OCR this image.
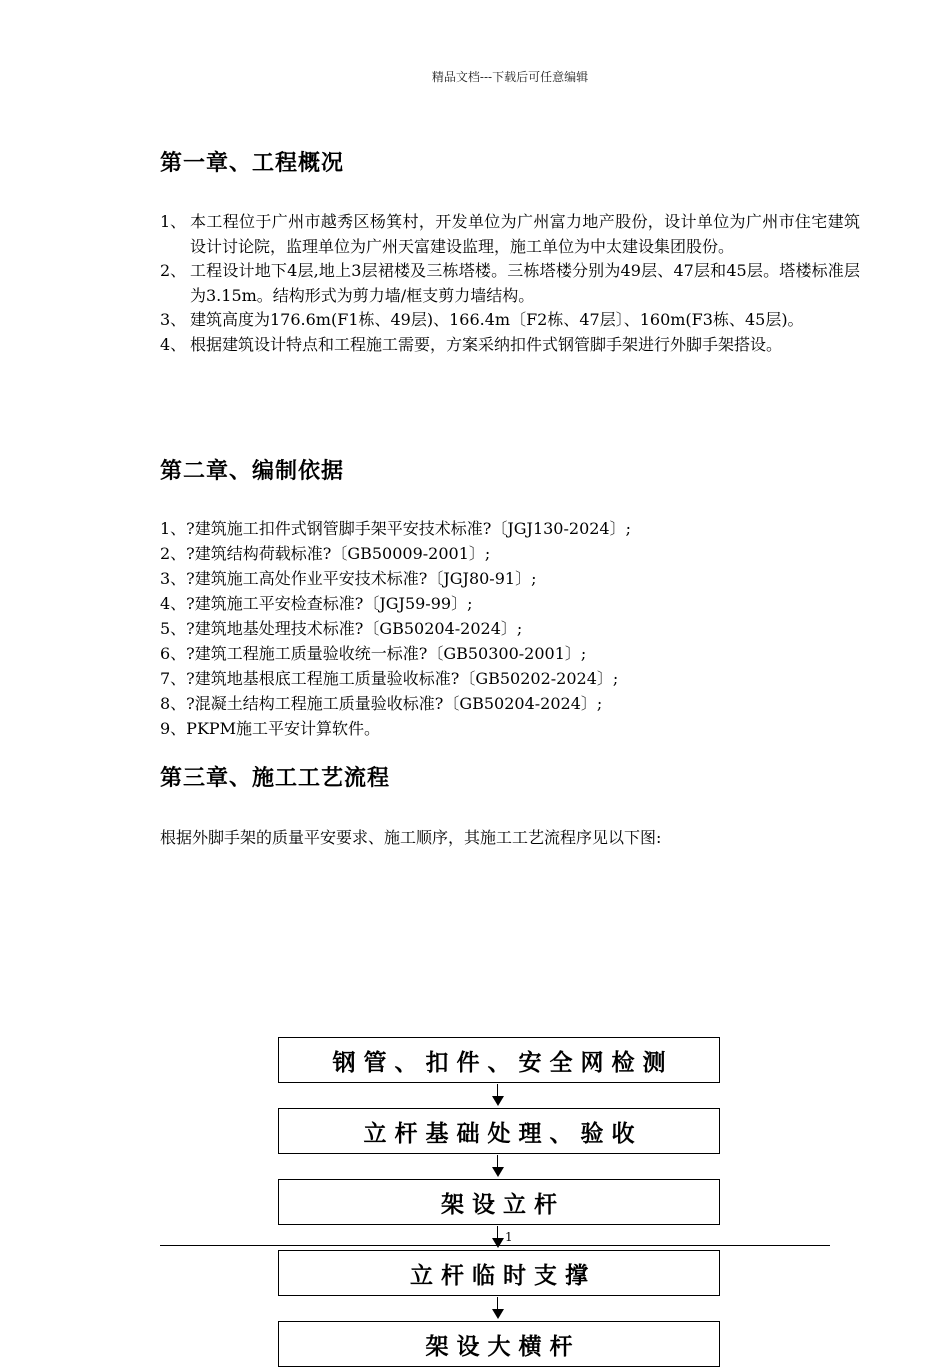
精品文档---下载后可任意编辑
第一章、工程概况
1、 本工程位于广州市越秀区杨箕村，开发单位为广州富力地产股份，设计单位为广州市住宅建筑设计讨论院，监理单位为广州天富建设监理，施工单位为中太建设集团股份。
2、 工程设计地下4层,地上3层裙楼及三栋塔楼。三栋塔楼分别为49层、47层和45层。塔楼标准层为3.15m。结构形式为剪力墙/框支剪力墙结构。
3、 建筑高度为176.6m(F1栋、49层)、166.4m〔F2栋、47层〕、160m(F3栋、45层)。
4、 根据建筑设计特点和工程施工需要，方案采纳扣件式钢管脚手架进行外脚手架搭设。
第二章、编制依据
1、?建筑施工扣件式钢管脚手架平安技术标准?〔JGJ130-2024〕;
2、?建筑结构荷载标准?〔GB50009-2001〕;
3、?建筑施工高处作业平安技术标准?〔JGJ80-91〕;
4、?建筑施工平安检查标准?〔JGJ59-99〕;
5、?建筑地基处理技术标准?〔GB50204-2024〕;
6、?建筑工程施工质量验收统一标准?〔GB50300-2001〕;
7、?建筑地基根底工程施工质量验收标准?〔GB50202-2024〕;
8、?混凝土结构工程施工质量验收标准?〔GB50204-2024〕;
9、PKPM施工平安计算软件。
第三章、施工工艺流程
根据外脚手架的质量平安要求、施工顺序，其施工工艺流程序见以下图:
钢 管 、 扣 件 、 安 全 网 检 测
立 杆 基 础 处 理 、 验 收
架 设 立 杆
立 杆 临 时 支 撑
架 设 大 横 杆
1
